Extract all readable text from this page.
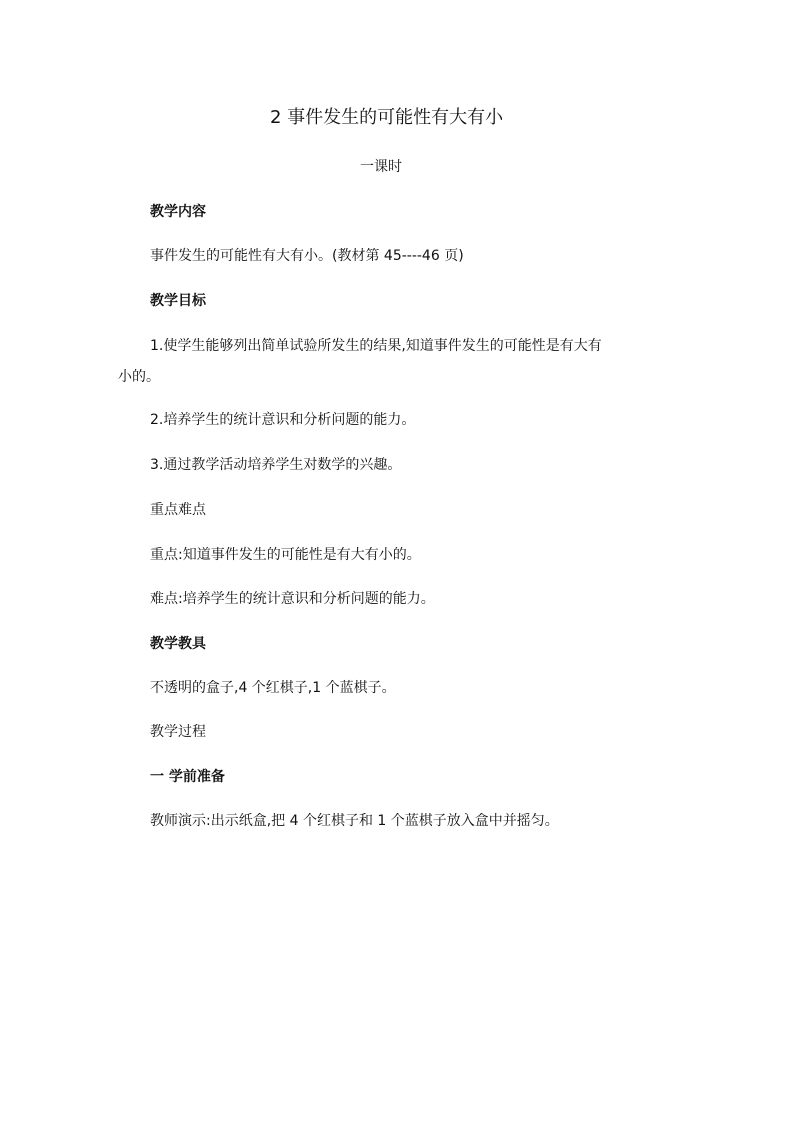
2 事件发生的可能性有大有小
一课时
教学内容
事件发生的可能性有大有小。(教材第 45----46 页)
教学目标
1.使学生能够列出简单试验所发生的结果,知道事件发生的可能性是有大有
小的。
2.培养学生的统计意识和分析问题的能力。
3.通过教学活动培养学生对数学的兴趣。
重点难点
重点:知道事件发生的可能性是有大有小的。
难点:培养学生的统计意识和分析问题的能力。
教学教具
不透明的盒子,4 个红棋子,1 个蓝棋子。
教学过程
一 学前准备
教师演示:出示纸盒,把 4 个红棋子和 1 个蓝棋子放入盒中并摇匀。
